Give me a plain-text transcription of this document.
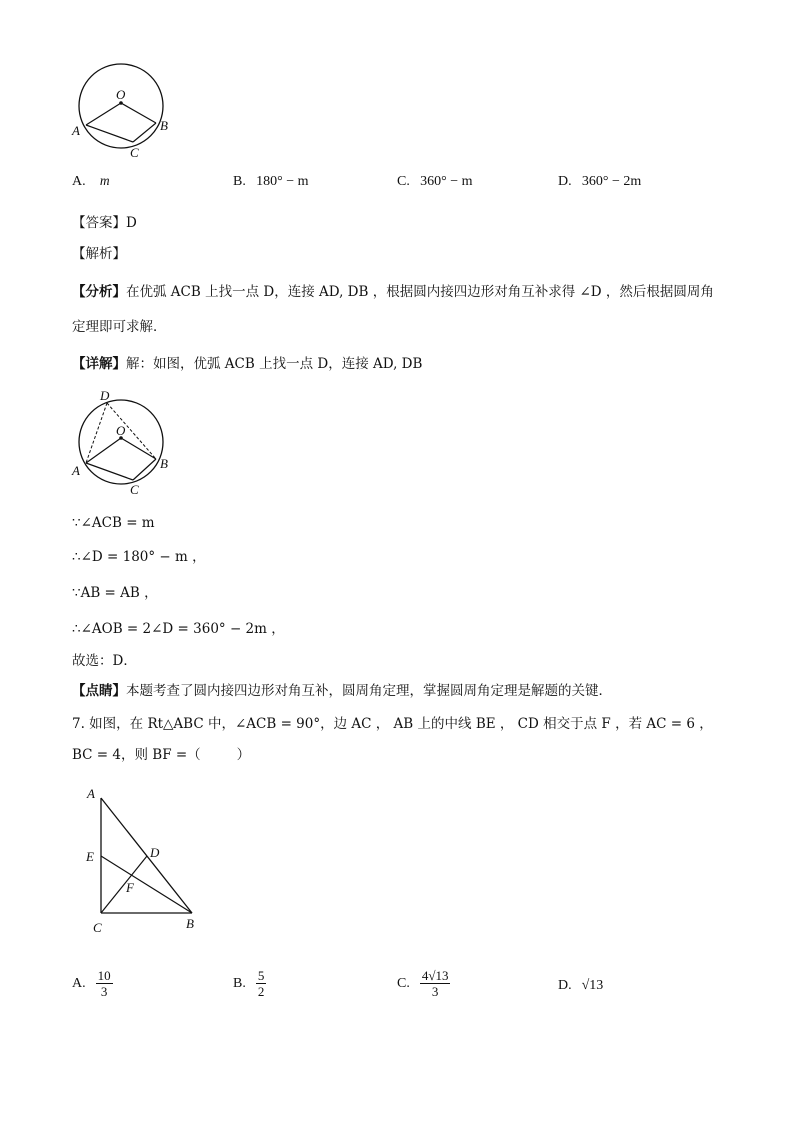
O
A	B
C
A. m	B. 180° − m	C. 360° − m	D. 360° − 2m
【答案】D
【解析】
【分析】在优弧 ACB 上找一点 D，连接 AD, DB ，根据圆内接四边形对角互补求得 ∠D ，然后根据圆周角
定理即可求解．
【详解】解：如图，优弧 ACB 上找一点 D，连接 AD, DB
D
O
A	B
C
∵∠ACB = m
∴∠D = 180° − m ，
∵AB = AB ，
∴∠AOB = 2∠D = 360° − 2m ，
故选：D．
【点睛】本题考查了圆内接四边形对角互补，圆周角定理，掌握圆周角定理是解题的关键．
7. 如图，在 Rt△ABC 中，∠ACB = 90°，边 AC ， AB 上的中线 BE ， CD 相交于点 F ，若 AC = 6 ，
BC = 4，则 BF =（	）
A
E	D
F
C	B
A. $\frac{10}{3}$	B. $\frac{5}{2}$	C. $\frac{4√13}{3}$	D. √13
